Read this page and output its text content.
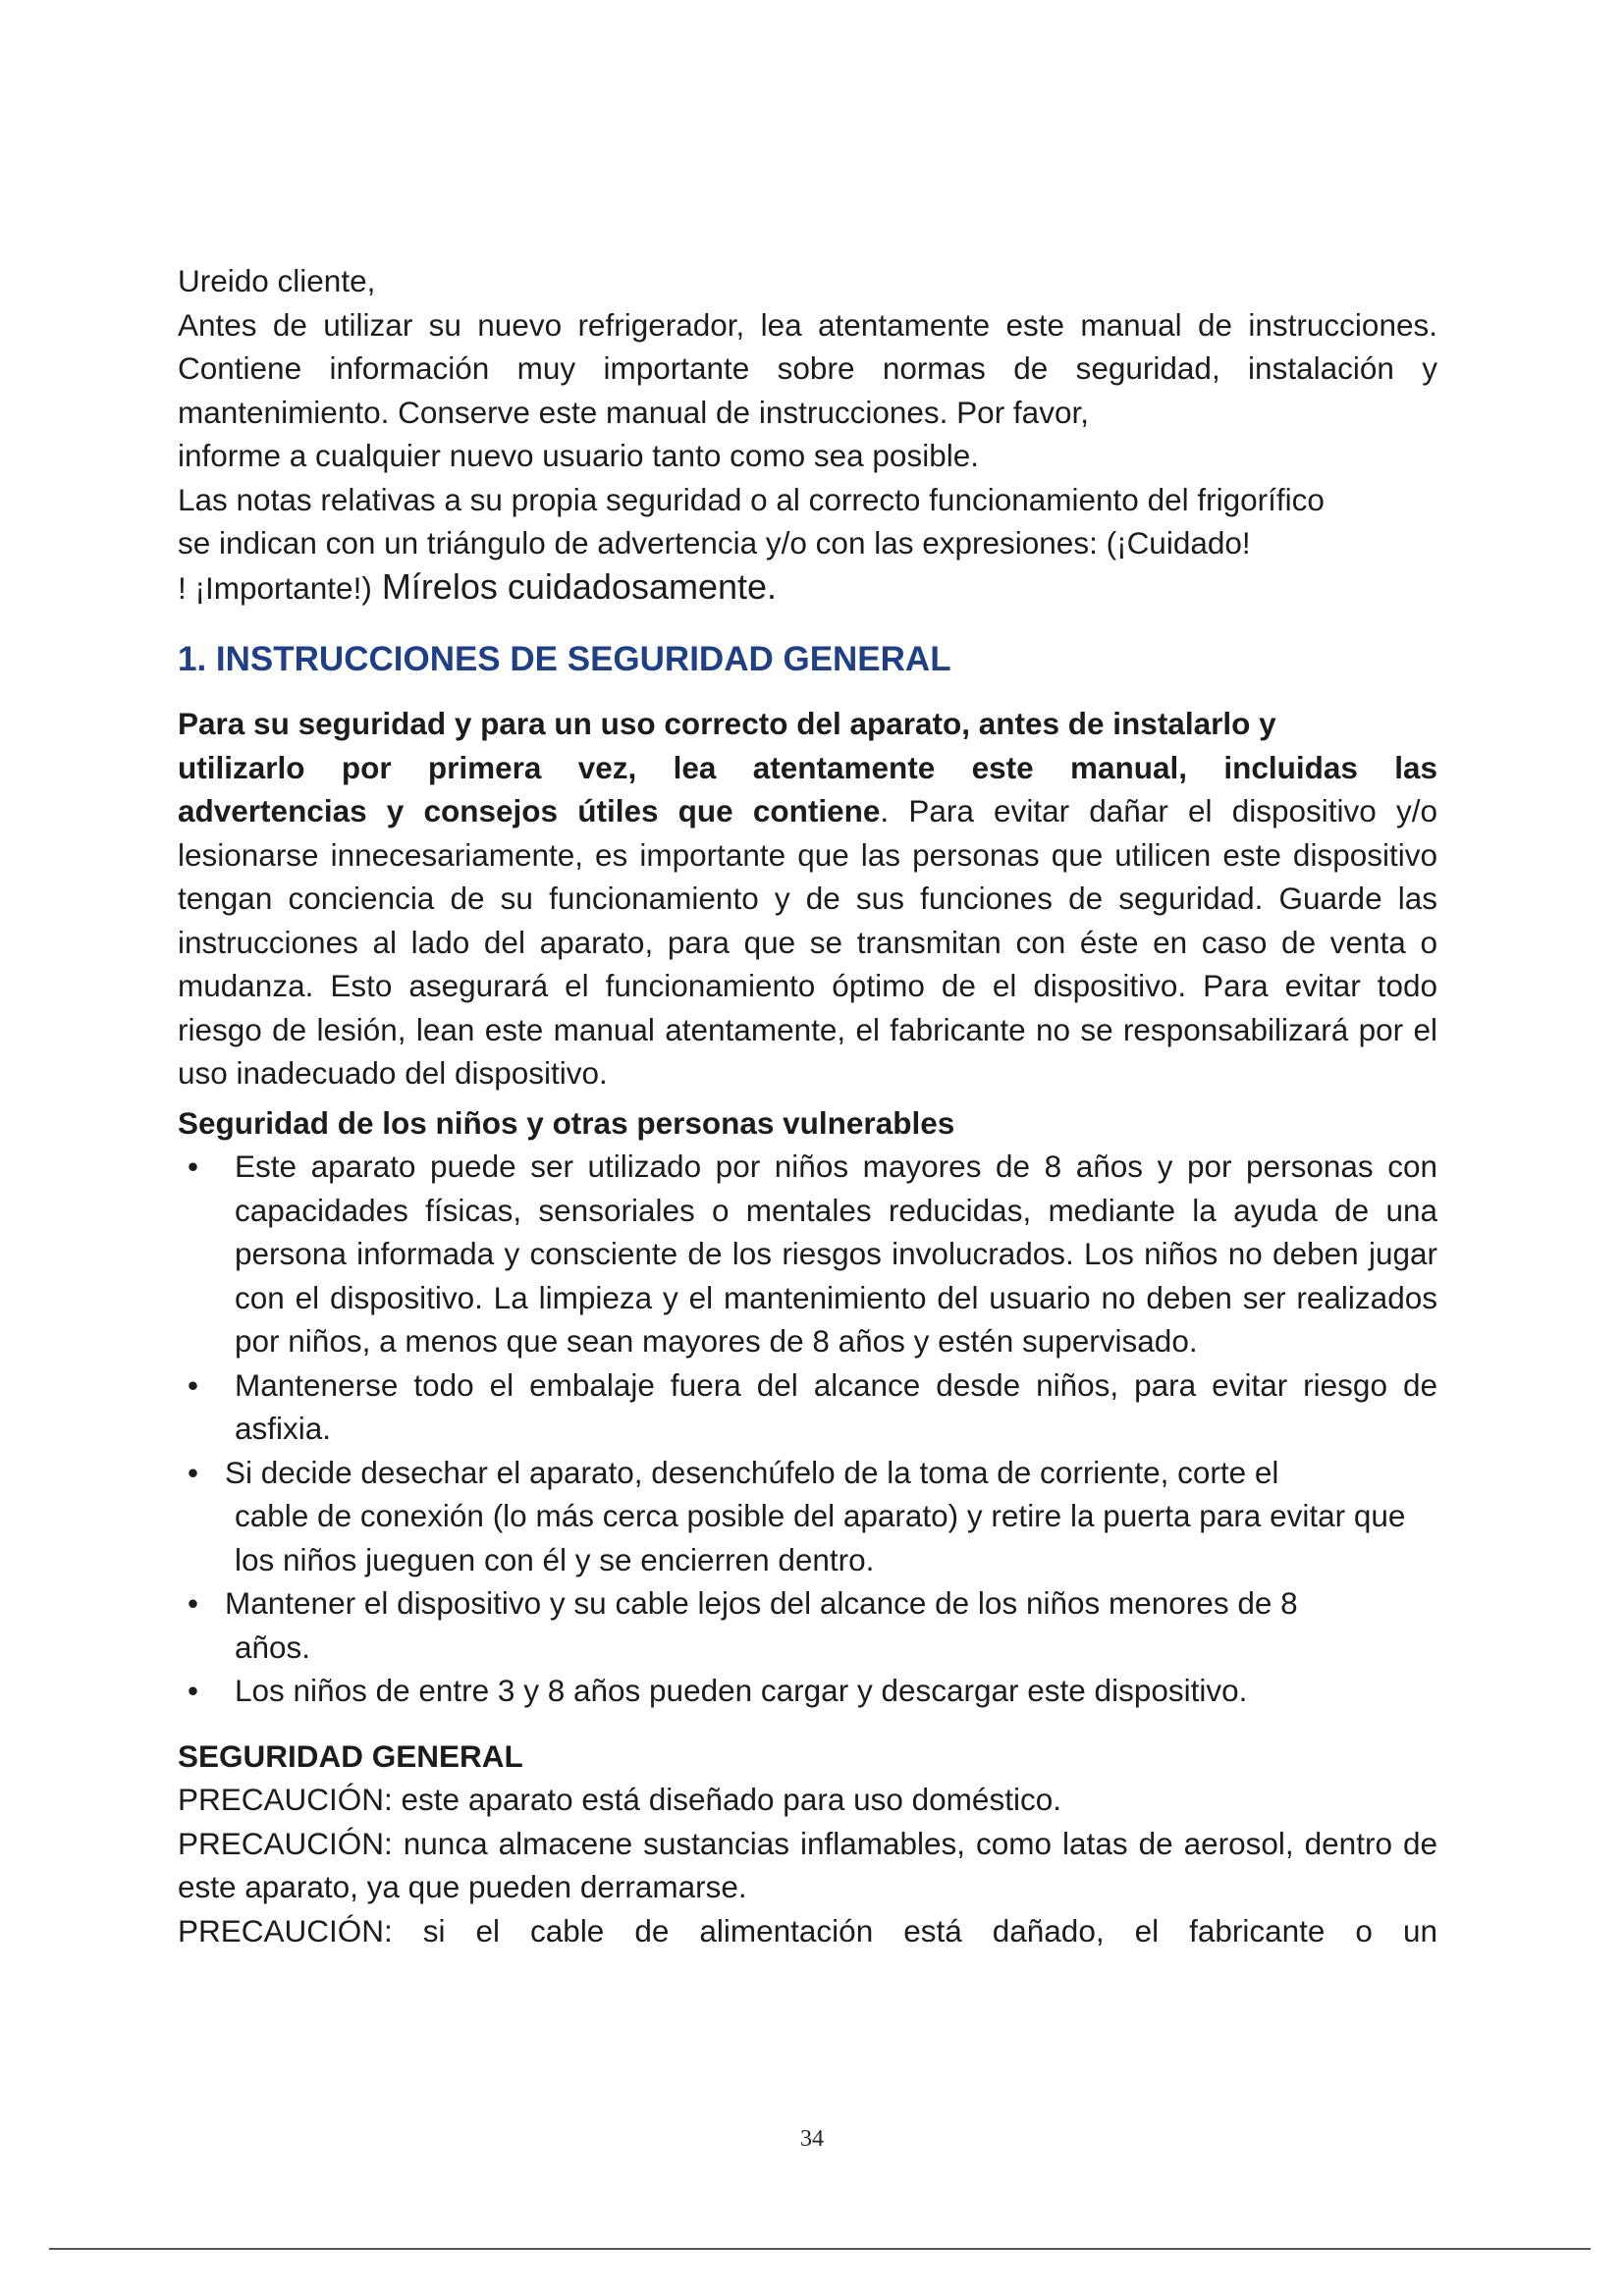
Ureido cliente,

Antes de utilizar su nuevo refrigerador, lea atentamente este manual de instrucciones. Contiene información muy importante sobre normas de seguridad, instalación y mantenimiento. Conserve este manual de instrucciones. Por favor,
informe a cualquier nuevo usuario tanto como sea posible.

Las notas relativas a su propia seguridad o al correcto funcionamiento del frigorífico
se indican con un triángulo de advertencia y/o con las expresiones: (¡Cuidado!
! ¡Importante!) Mírelos cuidadosamente.

1. INSTRUCCIONES DE SEGURIDAD GENERAL

Para su seguridad y para un uso correcto del aparato, antes de instalarlo y
utilizarlo por primera vez, lea atentamente este manual, incluidas las
advertencias y consejos útiles que contiene. Para evitar dañar el dispositivo y/o lesionarse innecesariamente, es importante que las personas que utilicen este dispositivo tengan conciencia de su funcionamiento y de sus funciones de seguridad. Guarde las instrucciones al lado del aparato, para que se transmitan con éste en caso de venta o mudanza. Esto asegurará el funcionamiento óptimo de el dispositivo. Para evitar todo riesgo de lesión, lean este manual atentamente, el fabricante no se responsabilizará por el uso inadecuado del dispositivo.

Seguridad de los niños y otras personas vulnerables

• Este aparato puede ser utilizado por niños mayores de 8 años y por personas con capacidades físicas, sensoriales o mentales reducidas, mediante la ayuda de una persona informada y consciente de los riesgos involucrados. Los niños no deben jugar con el dispositivo. La limpieza y el mantenimiento del usuario no deben ser realizados por niños, a menos que sean mayores de 8 años y estén supervisado.
• Mantenerse todo el embalaje fuera del alcance desde niños, para evitar riesgo de asfixia.
• Si decide desechar el aparato, desenchúfelo de la toma de corriente, corte el
cable de conexión (lo más cerca posible del aparato) y retire la puerta para evitar que los niños jueguen con él y se encierren dentro.
• Mantener el dispositivo y su cable lejos del alcance de los niños menores de 8
años.
• Los niños de entre 3 y 8 años pueden cargar y descargar este dispositivo.

SEGURIDAD GENERAL

PRECAUCIÓN: este aparato está diseñado para uso doméstico.

PRECAUCIÓN: nunca almacene sustancias inflamables, como latas de aerosol, dentro de este aparato, ya que pueden derramarse.

PRECAUCIÓN: si el cable de alimentación está dañado, el fabricante o un

34
